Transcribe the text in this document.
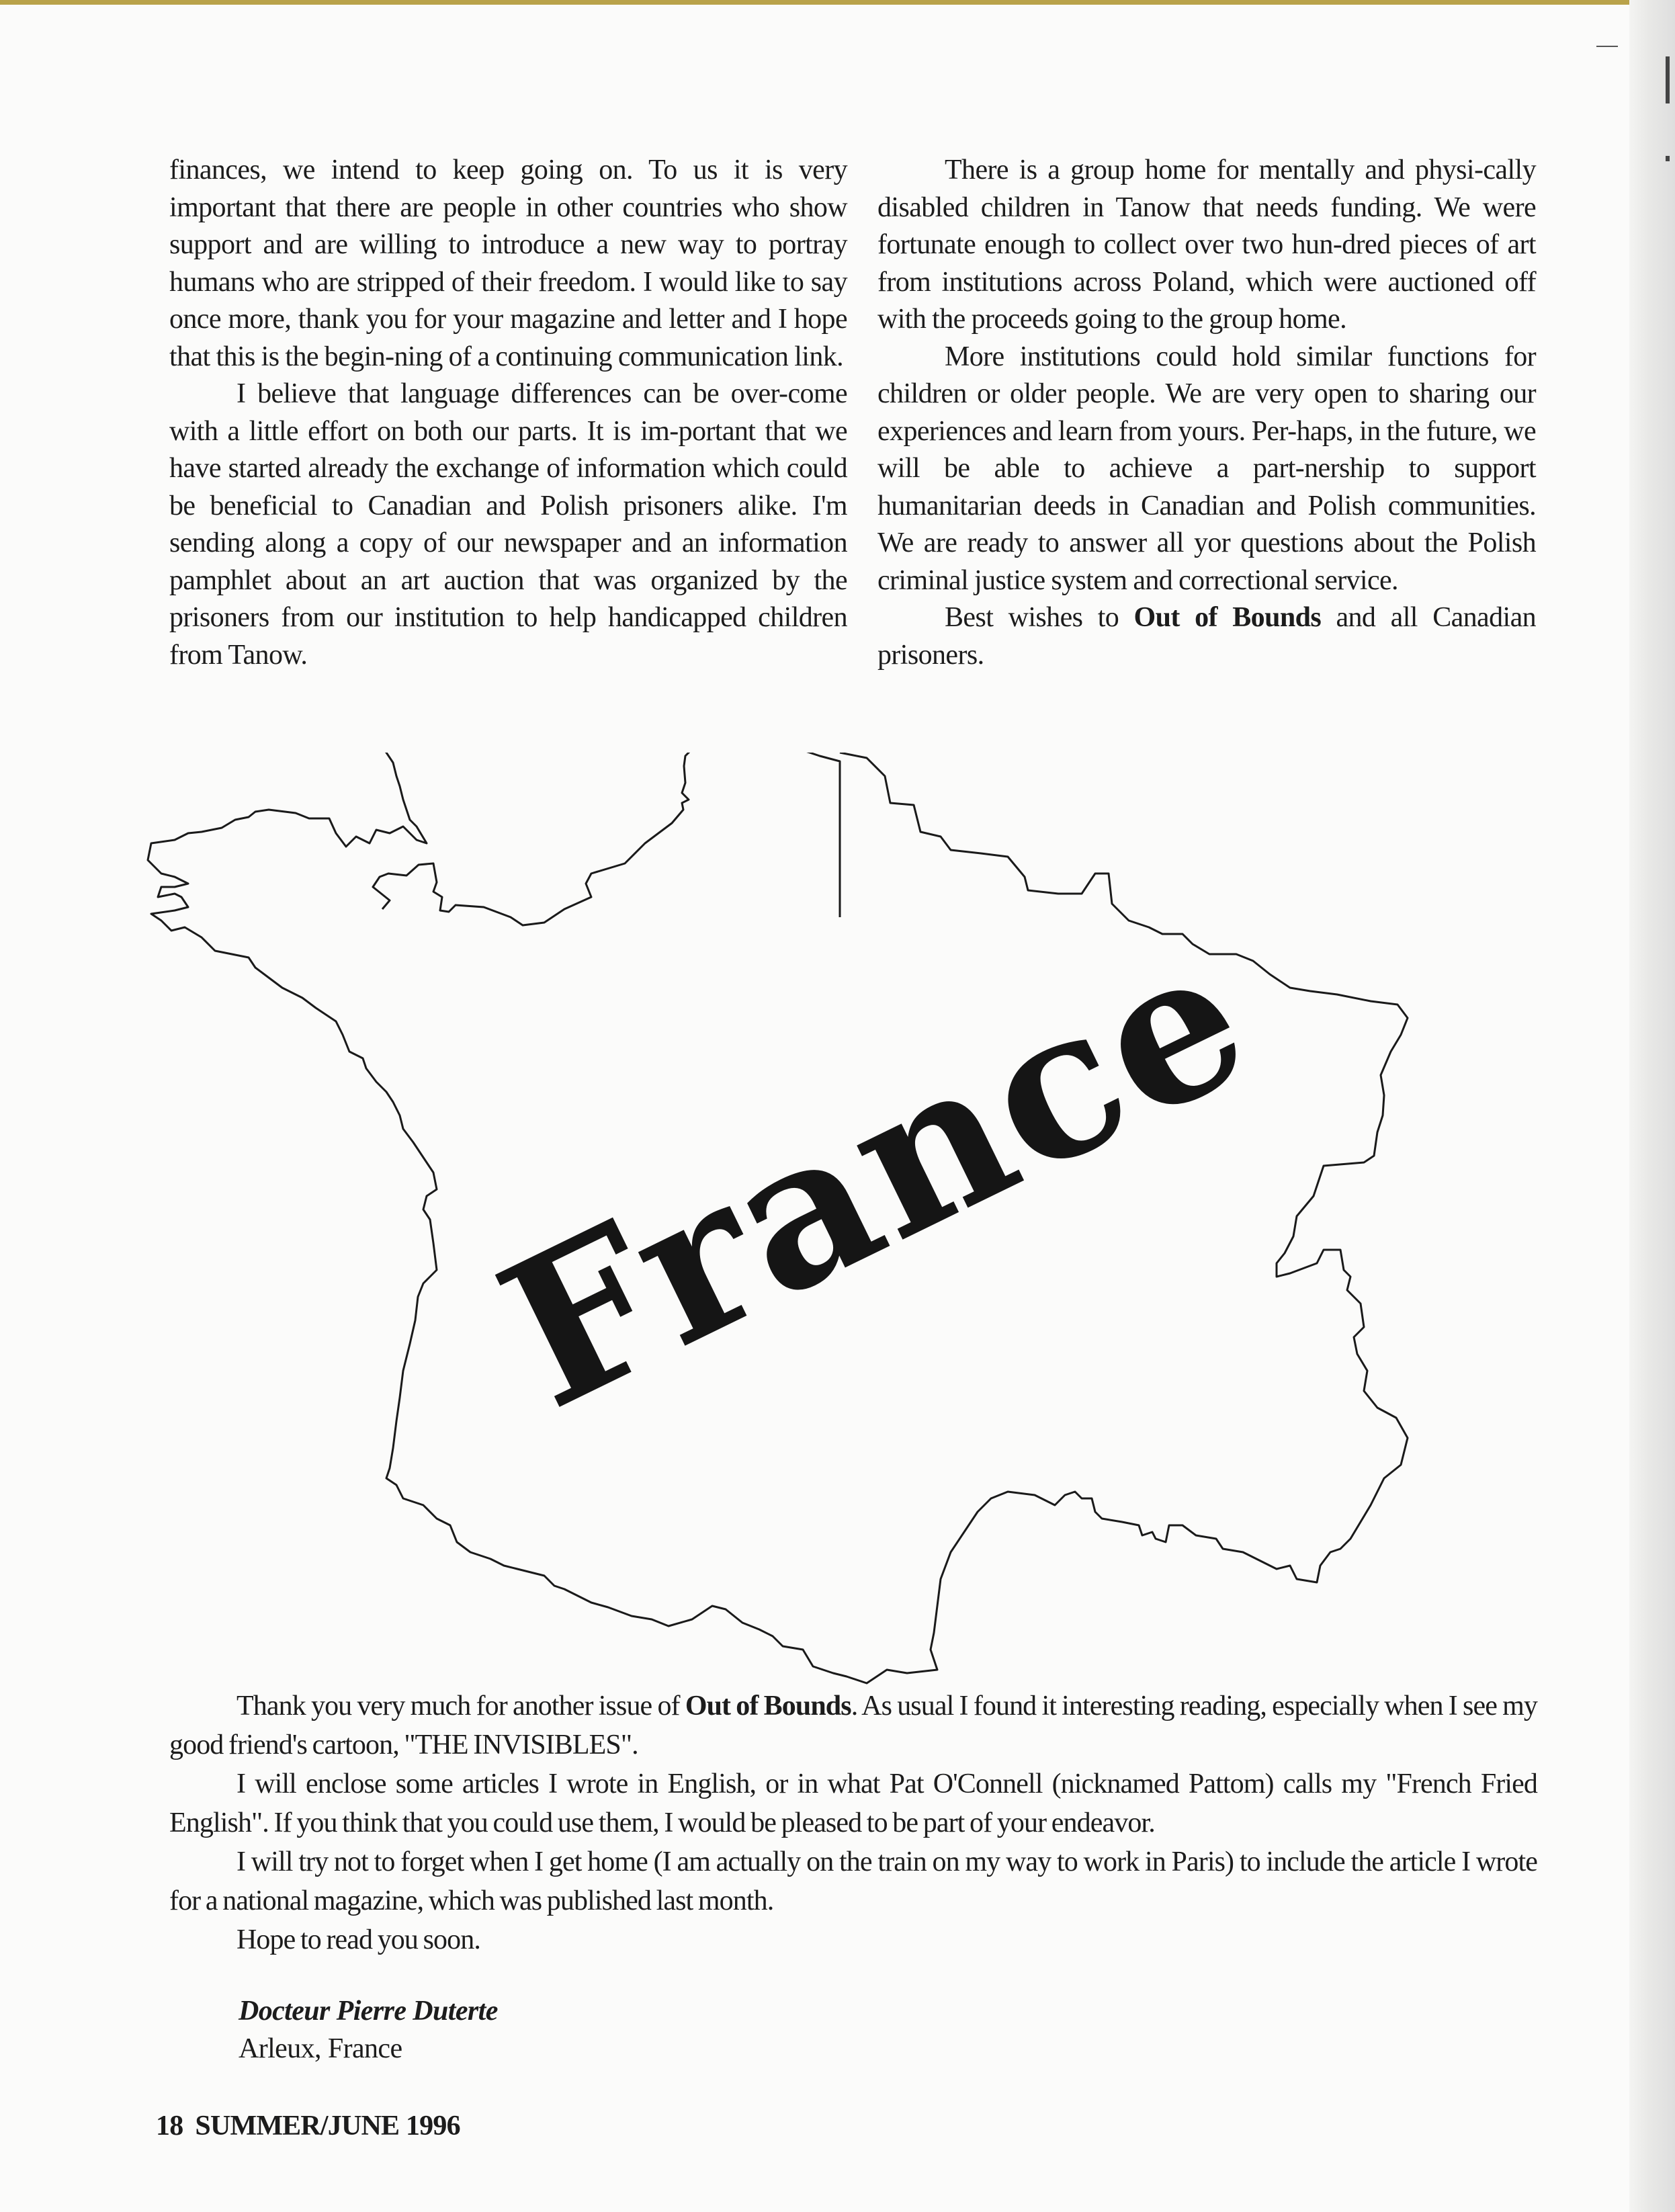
finances, we intend to keep going on. To us it is very important that there are people in other countries who show support and are willing to introduce a new way to portray humans who are stripped of their freedom. I would like to say once more, thank you for your magazine and letter and I hope that this is the begin-ning of a continuing communication link.

I believe that language differences can be over-come with a little effort on both our parts. It is im-portant that we have started already the exchange of information which could be beneficial to Canadian and Polish prisoners alike. I'm sending along a copy of our newspaper and an information pamphlet about an art auction that was organized by the prisoners from our institution to help handicapped children from Tanow.

There is a group home for mentally and physi-cally disabled children in Tanow that needs funding. We were fortunate enough to collect over two hun-dred pieces of art from institutions across Poland, which were auctioned off with the proceeds going to the group home.

More institutions could hold similar functions for children or older people. We are very open to sharing our experiences and learn from yours. Per-haps, in the future, we will be able to achieve a part-nership to support humanitarian deeds in Canadian and Polish communities. We are ready to answer all yor questions about the Polish criminal justice system and correctional service.

Best wishes to Out of Bounds and all Canadian prisoners.

France

Thank you very much for another issue of Out of Bounds. As usual I found it interesting reading, especially when I see my good friend's cartoon, "THE INVISIBLES".

I will enclose some articles I wrote in English, or in what Pat O'Connell (nicknamed Pattom) calls my "French Fried English". If you think that you could use them, I would be pleased to be part of your endeavor.

I will try not to forget when I get home (I am actually on the train on my way to work in Paris) to include the article I wrote for a national magazine, which was published last month.

Hope to read you soon.

Docteur Pierre Duterte
Arleux, France
18 SUMMER/JUNE 1996
